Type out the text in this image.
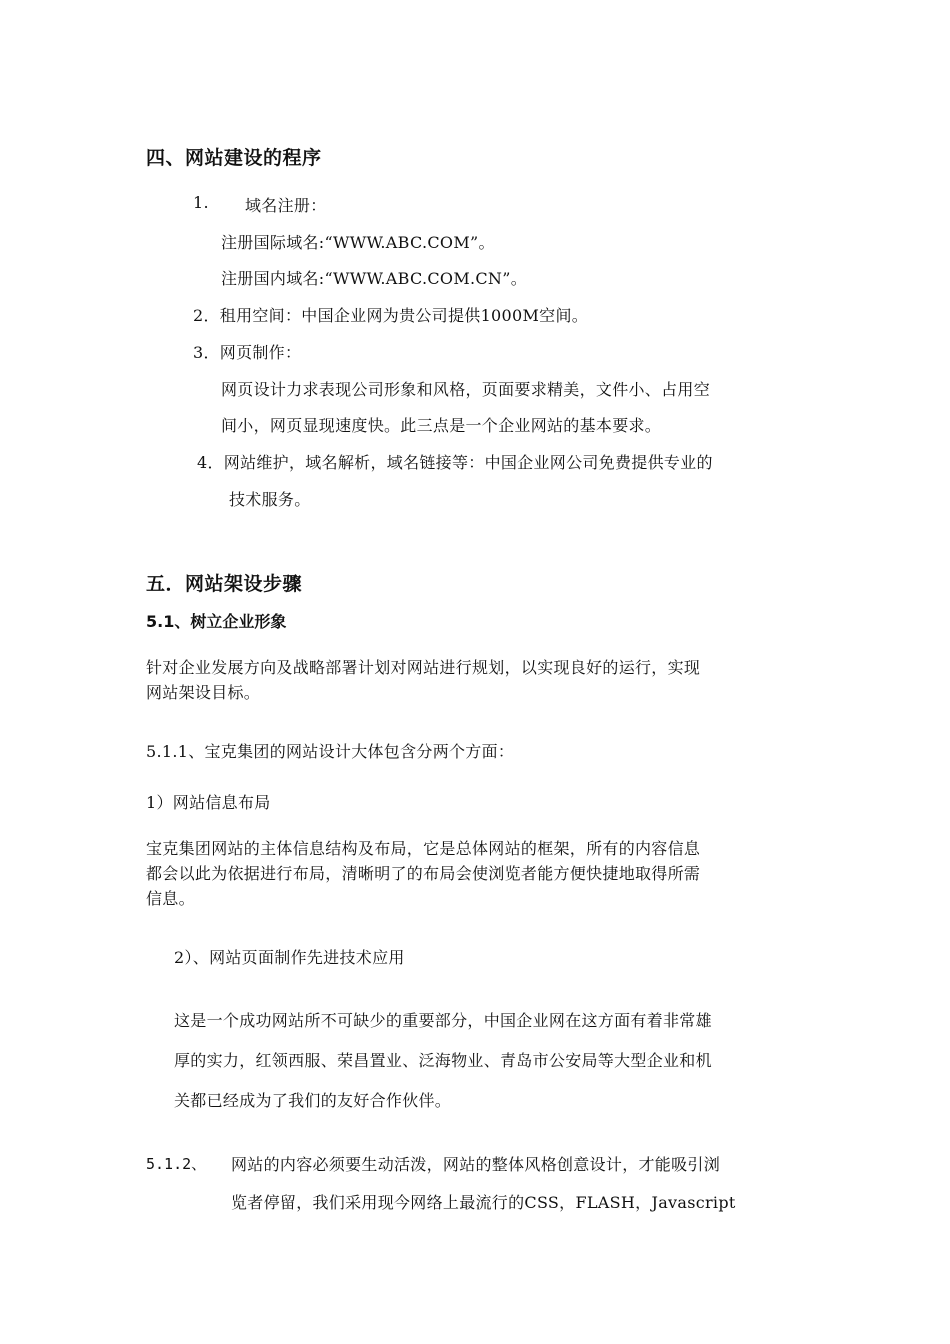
四、网站建设的程序
1. 域名注册：
注册国际域名:“WWW.ABC.COM”。
注册国内域名:“WWW.ABC.COM.CN”。
2．租用空间：中国企业网为贵公司提供1000M空间。
3．网页制作：
网页设计力求表现公司形象和风格，页面要求精美，文件小、占用空
间小，网页显现速度快。此三点是一个企业网站的基本要求。
4．网站维护，域名解析，域名链接等：中国企业网公司免费提供专业的
技术服务。
五．网站架设步骤
5.1、树立企业形象
针对企业发展方向及战略部署计划对网站进行规划，以实现良好的运行，实现
网站架设目标。
5.1.1、宝克集团的网站设计大体包含分两个方面：
1）网站信息布局
宝克集团网站的主体信息结构及布局，它是总体网站的框架，所有的内容信息
都会以此为依据进行布局，清晰明了的布局会使浏览者能方便快捷地取得所需
信息。
2）、网站页面制作先进技术应用
这是一个成功网站所不可缺少的重要部分，中国企业网在这方面有着非常雄
厚的实力，红领西服、荣昌置业、泛海物业、青岛市公安局等大型企业和机
关都已经成为了我们的友好合作伙伴。
5.1.2、 网站的内容必须要生动活泼，网站的整体风格创意设计，才能吸引浏
览者停留，我们采用现今网络上最流行的CSS，FLASH，Javascript
